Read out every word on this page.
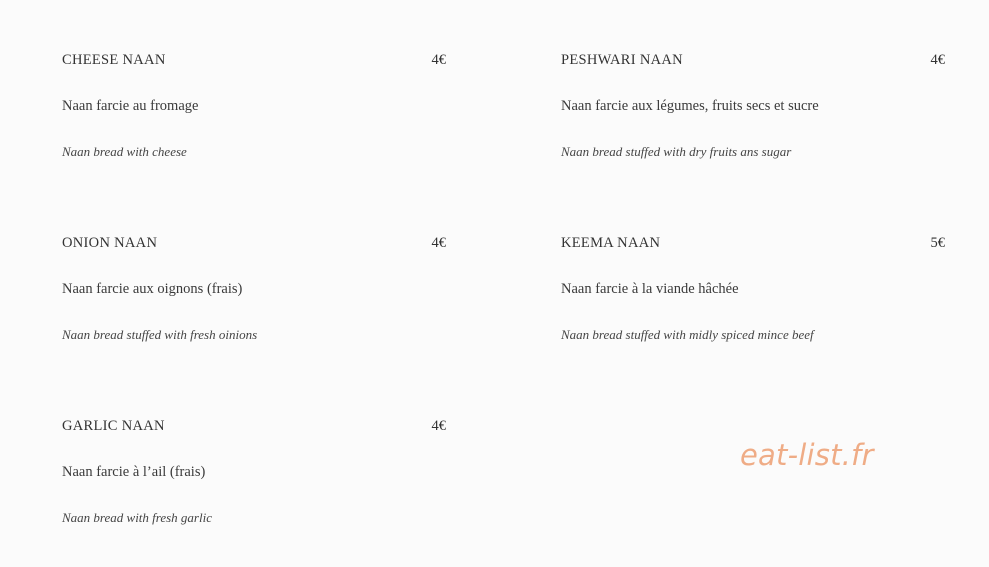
CHEESE NAAN	4€
Naan farcie au fromage
Naan bread with cheese
PESHWARI NAAN	4€
Naan farcie aux légumes, fruits secs et sucre
Naan bread stuffed with dry fruits ans sugar
ONION NAAN	4€
Naan farcie aux oignons (frais)
Naan bread stuffed with fresh oinions
KEEMA NAAN	5€
Naan farcie à la viande hâchée
Naan bread stuffed with midly spiced mince beef
GARLIC NAAN	4€
Naan farcie à l’ail (frais)
Naan bread with fresh garlic
eat-list.fr
